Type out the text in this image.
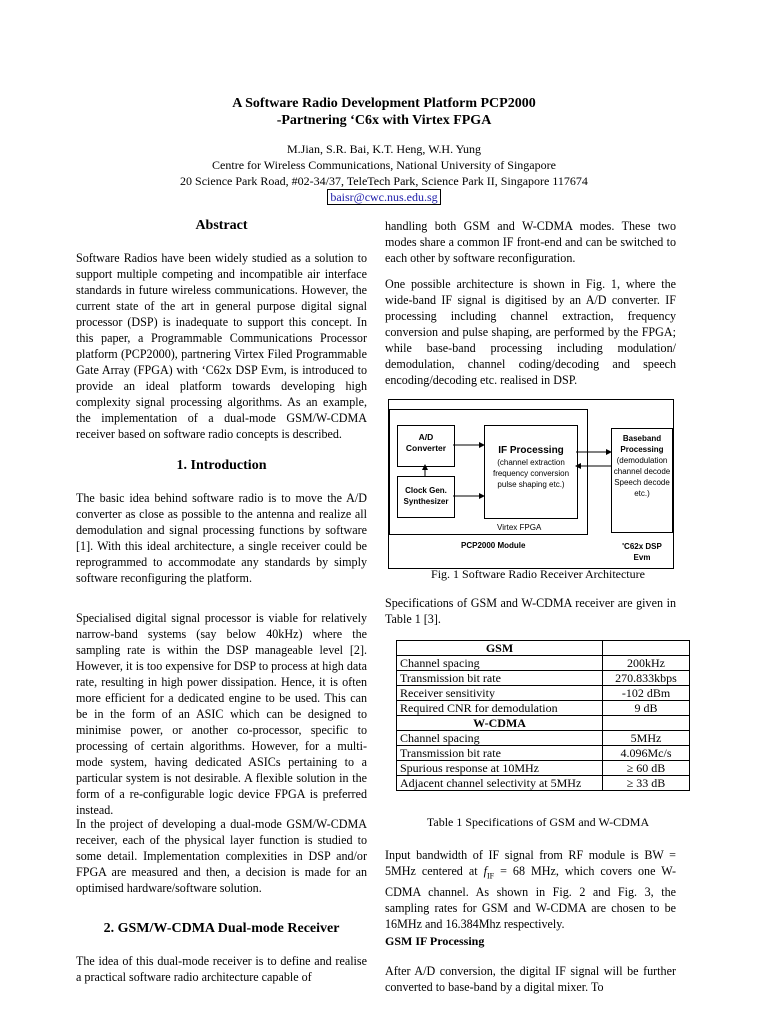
A Software Radio Development Platform PCP2000
-Partnering ‘C6x with Virtex FPGA
M.Jian, S.R. Bai, K.T. Heng, W.H. Yung
Centre for Wireless Communications, National University of Singapore
20 Science Park Road, #02-34/37, TeleTech Park, Science Park II, Singapore 117674
baisr@cwc.nus.edu.sg
Abstract

Software Radios have been widely studied as a solution to support multiple competing and incompatible air interface standards in future wireless communications. However, the current state of the art in general purpose digital signal processor (DSP) is inadequate to support this concept. In this paper, a Programmable Communications Processor platform (PCP2000), partnering Virtex Filed Programmable Gate Array (FPGA) with ‘C62x DSP Evm, is introduced to provide an ideal platform towards developing high complexity signal processing algorithms. As an example, the implementation of a dual-mode GSM/W-CDMA receiver based on software radio concepts is described.

1. Introduction

The basic idea behind software radio is to move the A/D converter as close as possible to the antenna and realize all demodulation and signal processing functions by software [1]. With this ideal architecture, a single receiver could be reprogrammed to accommodate any standards by simply software reconfiguring the platform.

Specialised digital signal processor is viable for relatively narrow-band systems (say below 40kHz) where the sampling rate is within the DSP manageable level [2]. However, it is too expensive for DSP to process at high data rate, resulting in high power dissipation. Hence, it is often more efficient for a dedicated engine to be used. This can be in the form of an ASIC which can be designed to minimise power, or another co-processor, specific to processing of certain algorithms. However, for a multi-mode system, having dedicated ASICs pertaining to a particular system is not desirable. A flexible solution in the form of a re-configurable logic device FPGA is preferred instead.

In the project of developing a dual-mode GSM/W-CDMA receiver, each of the physical layer function is studied to some detail. Implementation complexities in DSP and/or FPGA are measured and then, a decision is made for an optimised hardware/software solution.

2. GSM/W-CDMA Dual-mode Receiver

The idea of this dual-mode receiver is to define and realise a practical software radio architecture capable of

handling both GSM and W-CDMA modes. These two modes share a common IF front-end and can be switched to each other by software reconfiguration.

One possible architecture is shown in Fig. 1, where the wide-band IF signal is digitised by an A/D converter. IF processing including channel extraction, frequency conversion and pulse shaping, are performed by the FPGA; while base-band processing including modulation/ demodulation, channel coding/decoding and speech encoding/decoding etc. realised in DSP.

A/D
Converter
Clock Gen.
Synthesizer
IF Processing
(channel extraction
frequency conversion
pulse shaping etc.)
Virtex FPGA
PCP2000 Module
Baseband
Processing
(demodulation
channel decode
Speech decode
etc.)
'C62x DSP
Evm
Fig. 1 Software Radio Receiver Architecture

Specifications of GSM and W-CDMA receiver are given in Table 1 [3].

GSM	
Channel spacing	200kHz
Transmission bit rate	270.833kbps
Receiver sensitivity	-102 dBm
Required CNR for demodulation	9 dB
W-CDMA	
Channel spacing	5MHz
Transmission bit rate	4.096Mc/s
Spurious response at 10MHz	≥ 60 dB
Adjacent channel selectivity at 5MHz	≥ 33 dB
Table 1 Specifications of GSM and W-CDMA

Input bandwidth of IF signal from RF module is BW = 5MHz centered at $f_{IF} = 68$ MHz, which covers one W-CDMA channel. As shown in Fig. 2 and Fig. 3, the sampling rates for GSM and W-CDMA are chosen to be 16MHz and 16.384Mhz respectively.

GSM IF Processing

After A/D conversion, the digital IF signal will be further converted to base-band by a digital mixer. To
